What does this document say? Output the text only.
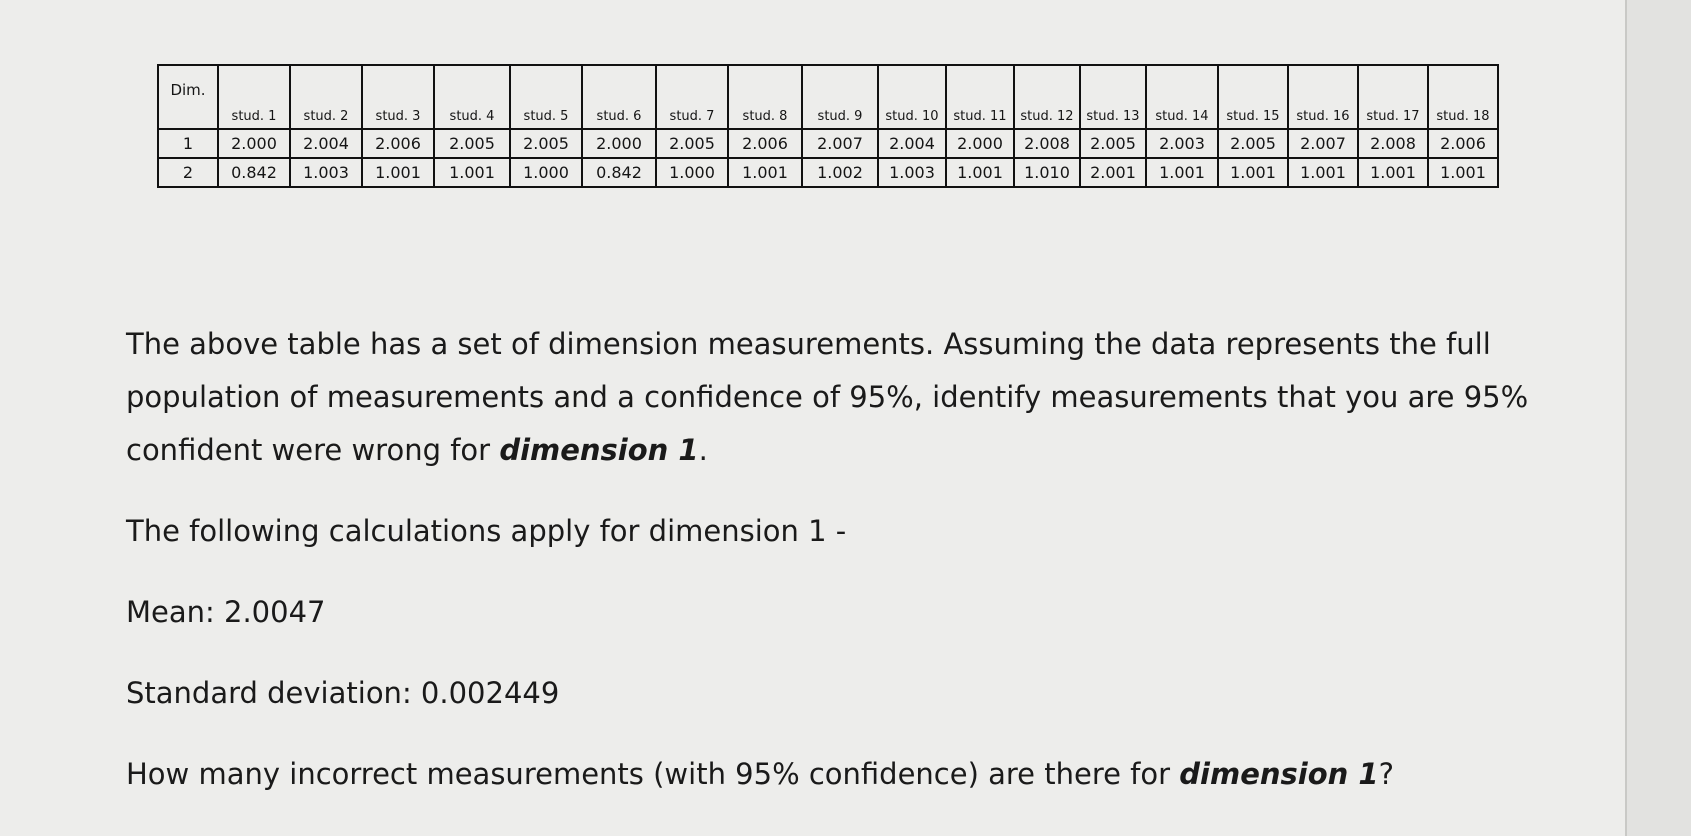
Dim.	stud. 1	stud. 2	stud. 3	stud. 4	stud. 5	stud. 6	stud. 7	stud. 8	stud. 9	stud. 10	stud. 11	stud. 12	stud. 13	stud. 14	stud. 15	stud. 16	stud. 17	stud. 18
1	2.000	2.004	2.006	2.005	2.005	2.000	2.005	2.006	2.007	2.004	2.000	2.008	2.005	2.003	2.005	2.007	2.008	2.006
2	0.842	1.003	1.001	1.001	1.000	0.842	1.000	1.001	1.002	1.003	1.001	1.010	2.001	1.001	1.001	1.001	1.001	1.001

The above table has a set of dimension measurements. Assuming the data represents the full population of measurements and a confidence of 95%, identify measurements that you are 95% confident were wrong for dimension 1.

The following calculations apply for dimension 1 -

Mean: 2.0047

Standard deviation: 0.002449

How many incorrect measurements (with 95% confidence) are there for dimension 1?
